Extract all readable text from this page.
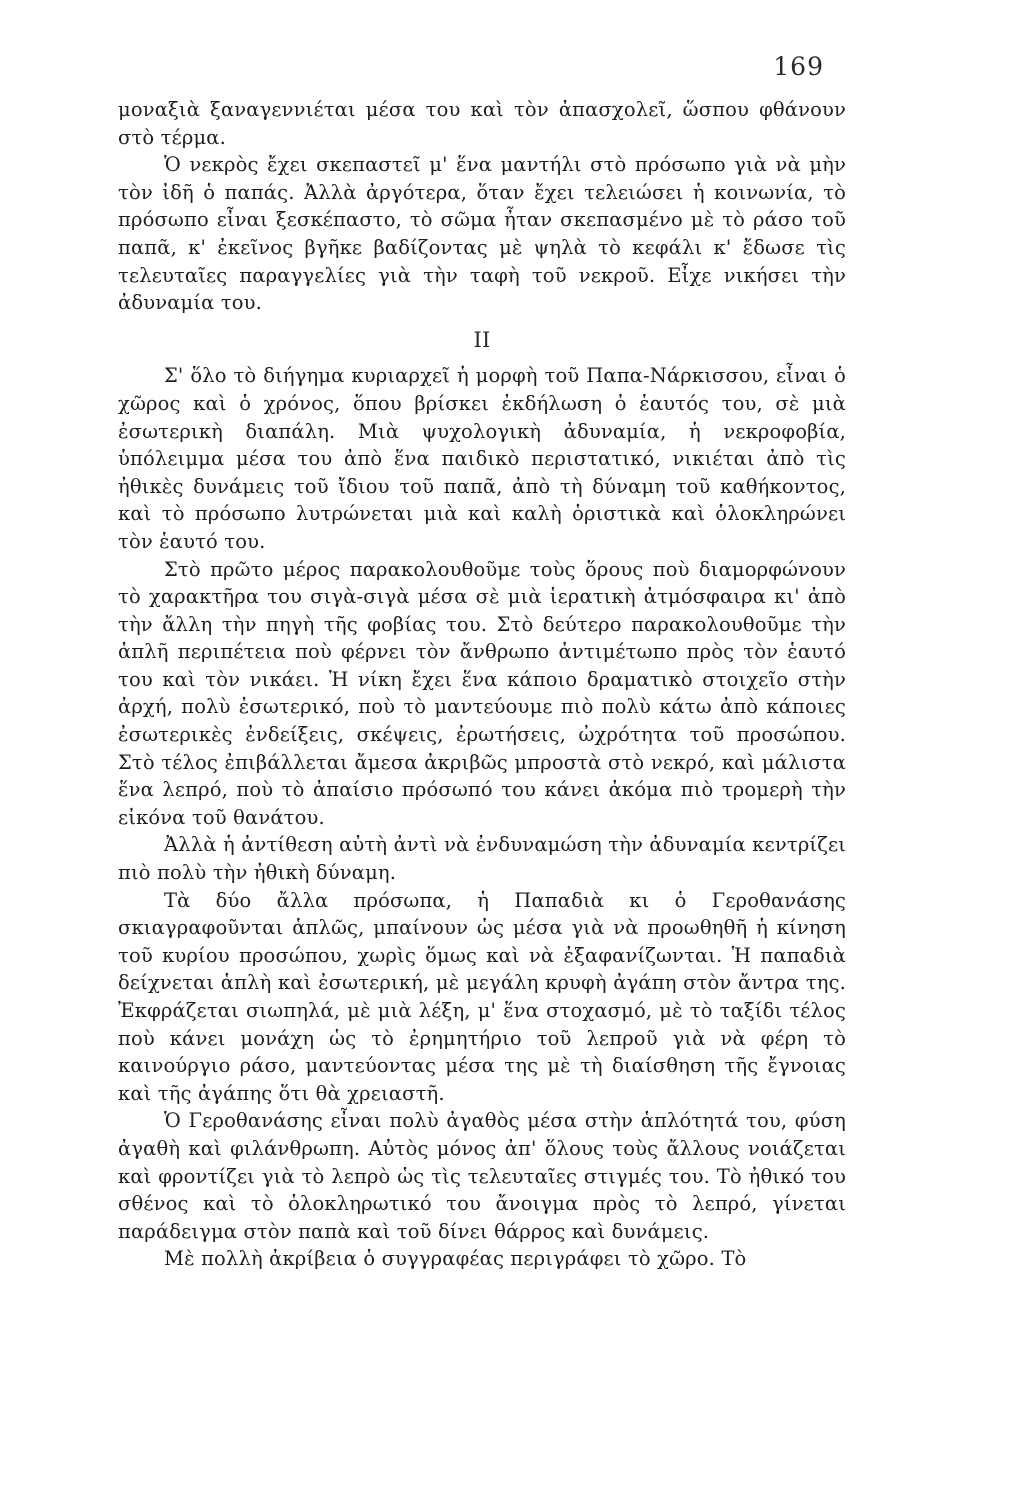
169

μοναξιὰ ξαναγεννιέται μέσα του καὶ τὸν ἀπασχολεῖ, ὥσπου φθάνουν στὸ τέρμα.

Ὁ νεκρὸς ἔχει σκεπαστεῖ μ' ἕνα μαντήλι στὸ πρόσωπο γιὰ νὰ μὴν τὸν ἰδῆ ὁ παπάς. Ἀλλὰ ἀργότερα, ὅταν ἔχει τελειώσει ἡ κοινωνία, τὸ πρόσωπο εἶναι ξεσκέπαστο, τὸ σῶμα ἦταν σκεπασμένο μὲ τὸ ράσο τοῦ παπᾶ, κ' ἐκεῖνος βγῆκε βαδίζοντας μὲ ψηλὰ τὸ κεφάλι κ' ἔδωσε τὶς τελευταῖες παραγγελίες γιὰ τὴν ταφὴ τοῦ νεκροῦ. Εἶχε νικήσει τὴν ἀδυναμία του.

II

Σ' ὅλο τὸ διήγημα κυριαρχεῖ ἡ μορφὴ τοῦ Παπα-Νάρκισσου, εἶναι ὁ χῶρος καὶ ὁ χρόνος, ὅπου βρίσκει ἐκδήλωση ὁ ἑαυτός του, σὲ μιὰ ἐσωτερικὴ διαπάλη. Μιὰ ψυχολογικὴ ἀδυναμία, ἡ νεκροφοβία, ὑπόλειμμα μέσα του ἀπὸ ἕνα παιδικὸ περιστατικό, νικιέται ἀπὸ τὶς ἠθικὲς δυνάμεις τοῦ ἴδιου τοῦ παπᾶ, ἀπὸ τὴ δύναμη τοῦ καθήκοντος, καὶ τὸ πρόσωπο λυτρώνεται μιὰ καὶ καλὴ ὁριστικὰ καὶ ὁλοκληρώνει τὸν ἑαυτό του.

Στὸ πρῶτο μέρος παρακολουθοῦμε τοὺς ὅρους ποὺ διαμορφώνουν τὸ χαρακτῆρα του σιγὰ-σιγὰ μέσα σὲ μιὰ ἱερατικὴ ἀτμόσφαιρα κι' ἀπὸ τὴν ἄλλη τὴν πηγὴ τῆς φοβίας του. Στὸ δεύτερο παρακολουθοῦμε τὴν ἁπλῆ περιπέτεια ποὺ φέρνει τὸν ἄνθρωπο ἀντιμέτωπο πρὸς τὸν ἑαυτό του καὶ τὸν νικάει. Ἡ νίκη ἔχει ἕνα κάποιο δραματικὸ στοιχεῖο στὴν ἀρχή, πολὺ ἐσωτερικό, ποὺ τὸ μαντεύουμε πιὸ πολὺ κάτω ἀπὸ κάποιες ἐσωτερικὲς ἐνδείξεις, σκέψεις, ἐρωτήσεις, ὠχρότητα τοῦ προσώπου. Στὸ τέλος ἐπιβάλλεται ἄμεσα ἀκριβῶς μπροστὰ στὸ νεκρό, καὶ μάλιστα ἕνα λεπρό, ποὺ τὸ ἀπαίσιο πρόσωπό του κάνει ἀκόμα πιὸ τρομερὴ τὴν εἰκόνα τοῦ θανάτου.

Ἀλλὰ ἡ ἀντίθεση αὐτὴ ἀντὶ νὰ ἐνδυναμώση τὴν ἀδυναμία κεντρίζει πιὸ πολὺ τὴν ἠθικὴ δύναμη.

Τὰ δύο ἄλλα πρόσωπα, ἡ Παπαδιὰ κι ὁ Γεροθανάσης σκιαγραφοῦνται ἁπλῶς, μπαίνουν ὡς μέσα γιὰ νὰ προωθηθῆ ἡ κίνηση τοῦ κυρίου προσώπου, χωρὶς ὅμως καὶ νὰ ἐξαφανίζωνται. Ἡ παπαδιὰ δείχνεται ἁπλὴ καὶ ἐσωτερική, μὲ μεγάλη κρυφὴ ἀγάπη στὸν ἄντρα της. Ἐκφράζεται σιωπηλά, μὲ μιὰ λέξη, μ' ἕνα στοχασμό, μὲ τὸ ταξίδι τέλος ποὺ κάνει μονάχη ὡς τὸ ἐρημητήριο τοῦ λεπροῦ γιὰ νὰ φέρη τὸ καινούργιο ράσο, μαντεύοντας μέσα της μὲ τὴ διαίσθηση τῆς ἔγνοιας καὶ τῆς ἀγάπης ὅτι θὰ χρειαστῆ.

Ὁ Γεροθανάσης εἶναι πολὺ ἀγαθὸς μέσα στὴν ἁπλότητά του, φύση ἀγαθὴ καὶ φιλάνθρωπη. Αὐτὸς μόνος ἀπ' ὅλους τοὺς ἄλλους νοιάζεται καὶ φροντίζει γιὰ τὸ λεπρὸ ὡς τὶς τελευταῖες στιγμές του. Τὸ ἠθικό του σθένος καὶ τὸ ὁλοκληρωτικό του ἄνοιγμα πρὸς τὸ λεπρό, γίνεται παράδειγμα στὸν παπὰ καὶ τοῦ δίνει θάρρος καὶ δυνάμεις.

Μὲ πολλὴ ἀκρίβεια ὁ συγγραφέας περιγράφει τὸ χῶρο. Τὸ
